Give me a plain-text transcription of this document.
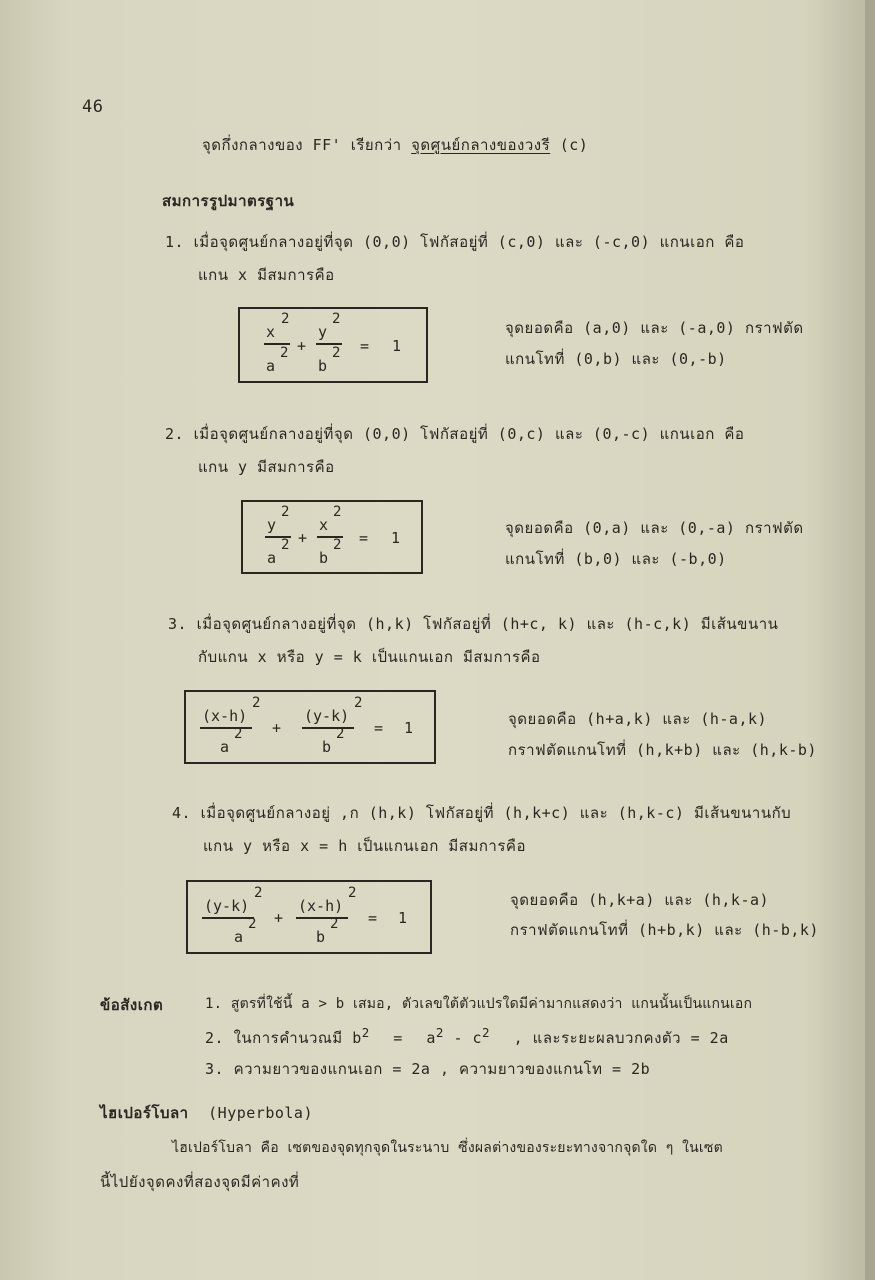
46
จุดกึ่งกลางของ FF' เรียกว่า จุดศูนย์กลางของวงรี (c)
สมการรูปมาตรฐาน
1. เมื่อจุดศูนย์กลางอยู่ที่จุด (0,0) โฟกัสอยู่ที่ (c,0) และ (-c,0) แกนเอก คือ
แกน x มีสมการคือ
x
2
a
2 +
y
2
b
2 = 1
จุดยอดคือ (a,0) และ (-a,0) กราฟตัด
แกนโทที่ (0,b) และ (0,-b)
2. เมื่อจุดศูนย์กลางอยู่ที่จุด (0,0) โฟกัสอยู่ที่ (0,c) และ (0,-c) แกนเอก คือ
แกน y มีสมการคือ
y
2
a
2 +
x
2
b
2 = 1
จุดยอดคือ (0,a) และ (0,-a) กราฟตัด
แกนโทที่ (b,0) และ (-b,0)
3. เมื่อจุดศูนย์กลางอยู่ที่จุด (h,k) โฟกัสอยู่ที่ (h+c, k) และ (h-c,k) มีเส้นขนาน
กับแกน x หรือ y = k เป็นแกนเอก มีสมการคือ
(x-h)
2
a
2 +
(y-k)
2
b
2 = 1	จุดยอดคือ (h+a,k) และ (h-a,k)
กราฟตัดแกนโทที่ (h,k+b) และ (h,k-b)
4. เมื่อจุดศูนย์กลางอยู่ ,ก (h,k) โฟกัสอยู่ที่ (h,k+c) และ (h,k-c) มีเส้นขนานกับ
แกน y หรือ x = h เป็นแกนเอก มีสมการคือ
(y-k)
2
a
2 +
(x-h)
2
b
2 = 1
จุดยอดคือ (h,k+a) และ (h,k-a)
กราฟตัดแกนโทที่ (h+b,k) และ (h-b,k)
ข้อสังเกต	1. สูตรที่ใช้นี้ a > b เสมอ, ตัวเลขใต้ตัวแปรใดมีค่ามากแสดงว่า แกนนั้นเป็นแกนเอก
2. ในการคำนวณมี $b^2 = a^2 - c^2$ , และระยะผลบวกคงตัว = 2a
3. ความยาวของแกนเอก = 2a , ความยาวของแกนโท = 2b
ไฮเปอร์โบลา (Hyperbola)
ไฮเปอร์โบลา คือ เซตของจุดทุกจุดในระนาบ ซึ่งผลต่างของระยะทางจากจุดใด ๆ ในเซต
นี้ไปยังจุดคงที่สองจุดมีค่าคงที่
